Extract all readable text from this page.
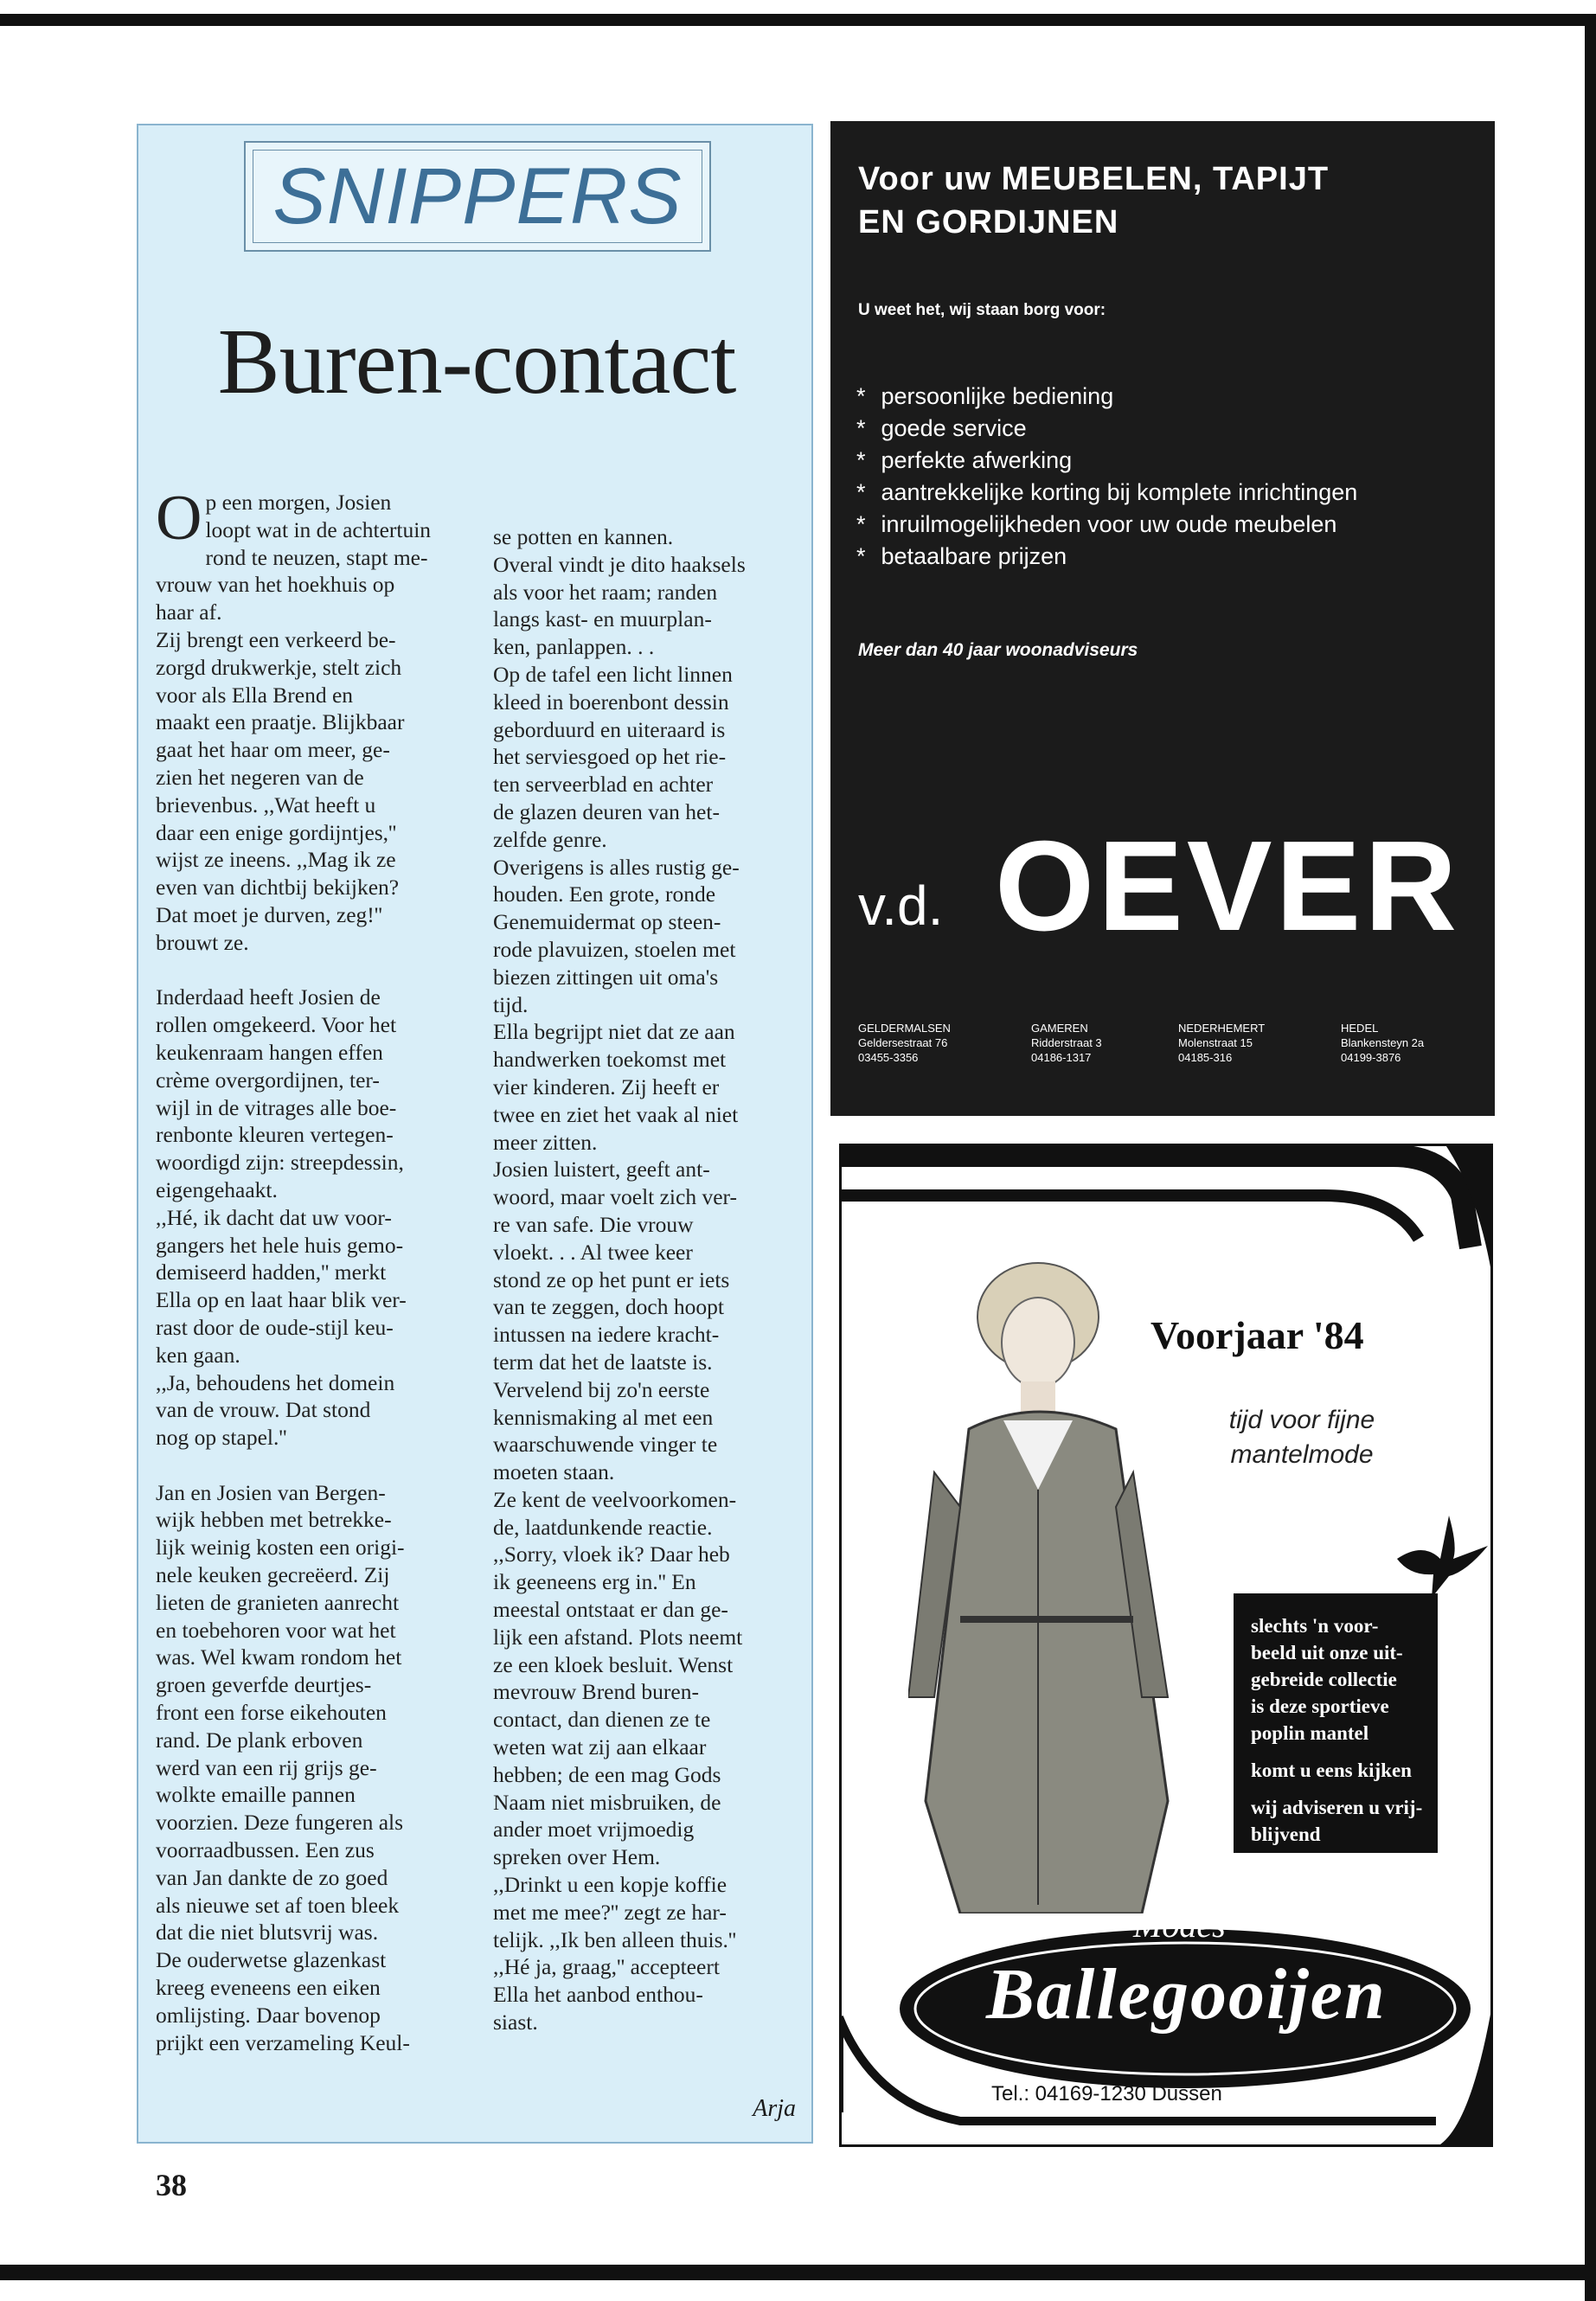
SNIPPERS
Buren-contact

Op een morgen, Josien
loopt wat in de achtertuin
rond te neuzen, stapt me-
vrouw van het hoekhuis op
haar af.
Zij brengt een verkeerd be-
zorgd drukwerkje, stelt zich
voor als Ella Brend en
maakt een praatje. Blijkbaar
gaat het haar om meer, ge-
zien het negeren van de
brievenbus. ,,Wat heeft u
daar een enige gordijntjes,''
wijst ze ineens. ,,Mag ik ze
even van dichtbij bekijken?
Dat moet je durven, zeg!''
brouwt ze.

Inderdaad heeft Josien de
rollen omgekeerd. Voor het
keukenraam hangen effen
crème overgordijnen, ter-
wijl in de vitrages alle boe-
renbonte kleuren vertegen-
woordigd zijn: streepdessin,
eigengehaakt.
,,Hé, ik dacht dat uw voor-
gangers het hele huis gemo-
demiseerd hadden,'' merkt
Ella op en laat haar blik ver-
rast door de oude-stijl keu-
ken gaan.
,,Ja, behoudens het domein
van de vrouw. Dat stond
nog op stapel.''

Jan en Josien van Bergen-
wijk hebben met betrekke-
lijk weinig kosten een origi-
nele keuken gecreëerd. Zij
lieten de granieten aanrecht
en toebehoren voor wat het
was. Wel kwam rondom het
groen geverfde deurtjes-
front een forse eikehouten
rand. De plank erboven
werd van een rij grijs ge-
wolkte emaille pannen
voorzien. Deze fungeren als
voorraadbussen. Een zus
van Jan dankte de zo goed
als nieuwe set af toen bleek
dat die niet blutsvrij was.
De ouderwetse glazenkast
kreeg eveneens een eiken
omlijsting. Daar bovenop
prijkt een verzameling Keul-

se potten en kannen.
Overal vindt je dito haaksels
als voor het raam; randen
langs kast- en muurplan-
ken, panlappen. . .
Op de tafel een licht linnen
kleed in boerenbont dessin
geborduurd en uiteraard is
het serviesgoed op het rie-
ten serveerblad en achter
de glazen deuren van het-
zelfde genre.
Overigens is alles rustig ge-
houden. Een grote, ronde
Genemuidermat op steen-
rode plavuizen, stoelen met
biezen zittingen uit oma's
tijd.
Ella begrijpt niet dat ze aan
handwerken toekomst met
vier kinderen. Zij heeft er
twee en ziet het vaak al niet
meer zitten.
Josien luistert, geeft ant-
woord, maar voelt zich ver-
re van safe. Die vrouw
vloekt. . . Al twee keer
stond ze op het punt er iets
van te zeggen, doch hoopt
intussen na iedere kracht-
term dat het de laatste is.
Vervelend bij zo'n eerste
kennismaking al met een
waarschuwende vinger te
moeten staan.
Ze kent de veelvoorkomen-
de, laatdunkende reactie.
,,Sorry, vloek ik? Daar heb
ik geeneens erg in.'' En
meestal ontstaat er dan ge-
lijk een afstand. Plots neemt
ze een kloek besluit. Wenst
mevrouw Brend buren-
contact, dan dienen ze te
weten wat zij aan elkaar
hebben; de een mag Gods
Naam niet misbruiken, de
ander moet vrijmoedig
spreken over Hem.
,,Drinkt u een kopje koffie
met me mee?'' zegt ze har-
telijk. ,,Ik ben alleen thuis.''
,,Hé ja, graag,'' accepteert
Ella het aanbod enthou-
siast.

Arja
38
Voor uw MEUBELEN, TAPIJT
EN GORDIJNEN
U weet het, wij staan borg voor:
* persoonlijke bediening
* goede service
* perfekte afwerking
* aantrekkelijke korting bij komplete inrichtingen
* inruilmogelijkheden voor uw oude meubelen
* betaalbare prijzen
Meer dan 40 jaar woonadviseurs
v.d. OEVER
GELDERMALSEN
Geldersestraat 76
03455-3356
GAMEREN
Ridderstraat 3
04186-1317
NEDERHEMERT
Molenstraat 15
04185-316
HEDEL
Blankensteyn 2a
04199-3876
Voorjaar '84
tijd voor fijne
mantelmode

slechts 'n voor-
beeld uit onze uit-
gebreide collectie
is deze sportieve
poplin mantel

komt u eens kijken

wij adviseren u vrij-
blijvend

Modes
Ballegooijen
Tel.: 04169-1230 Dussen
